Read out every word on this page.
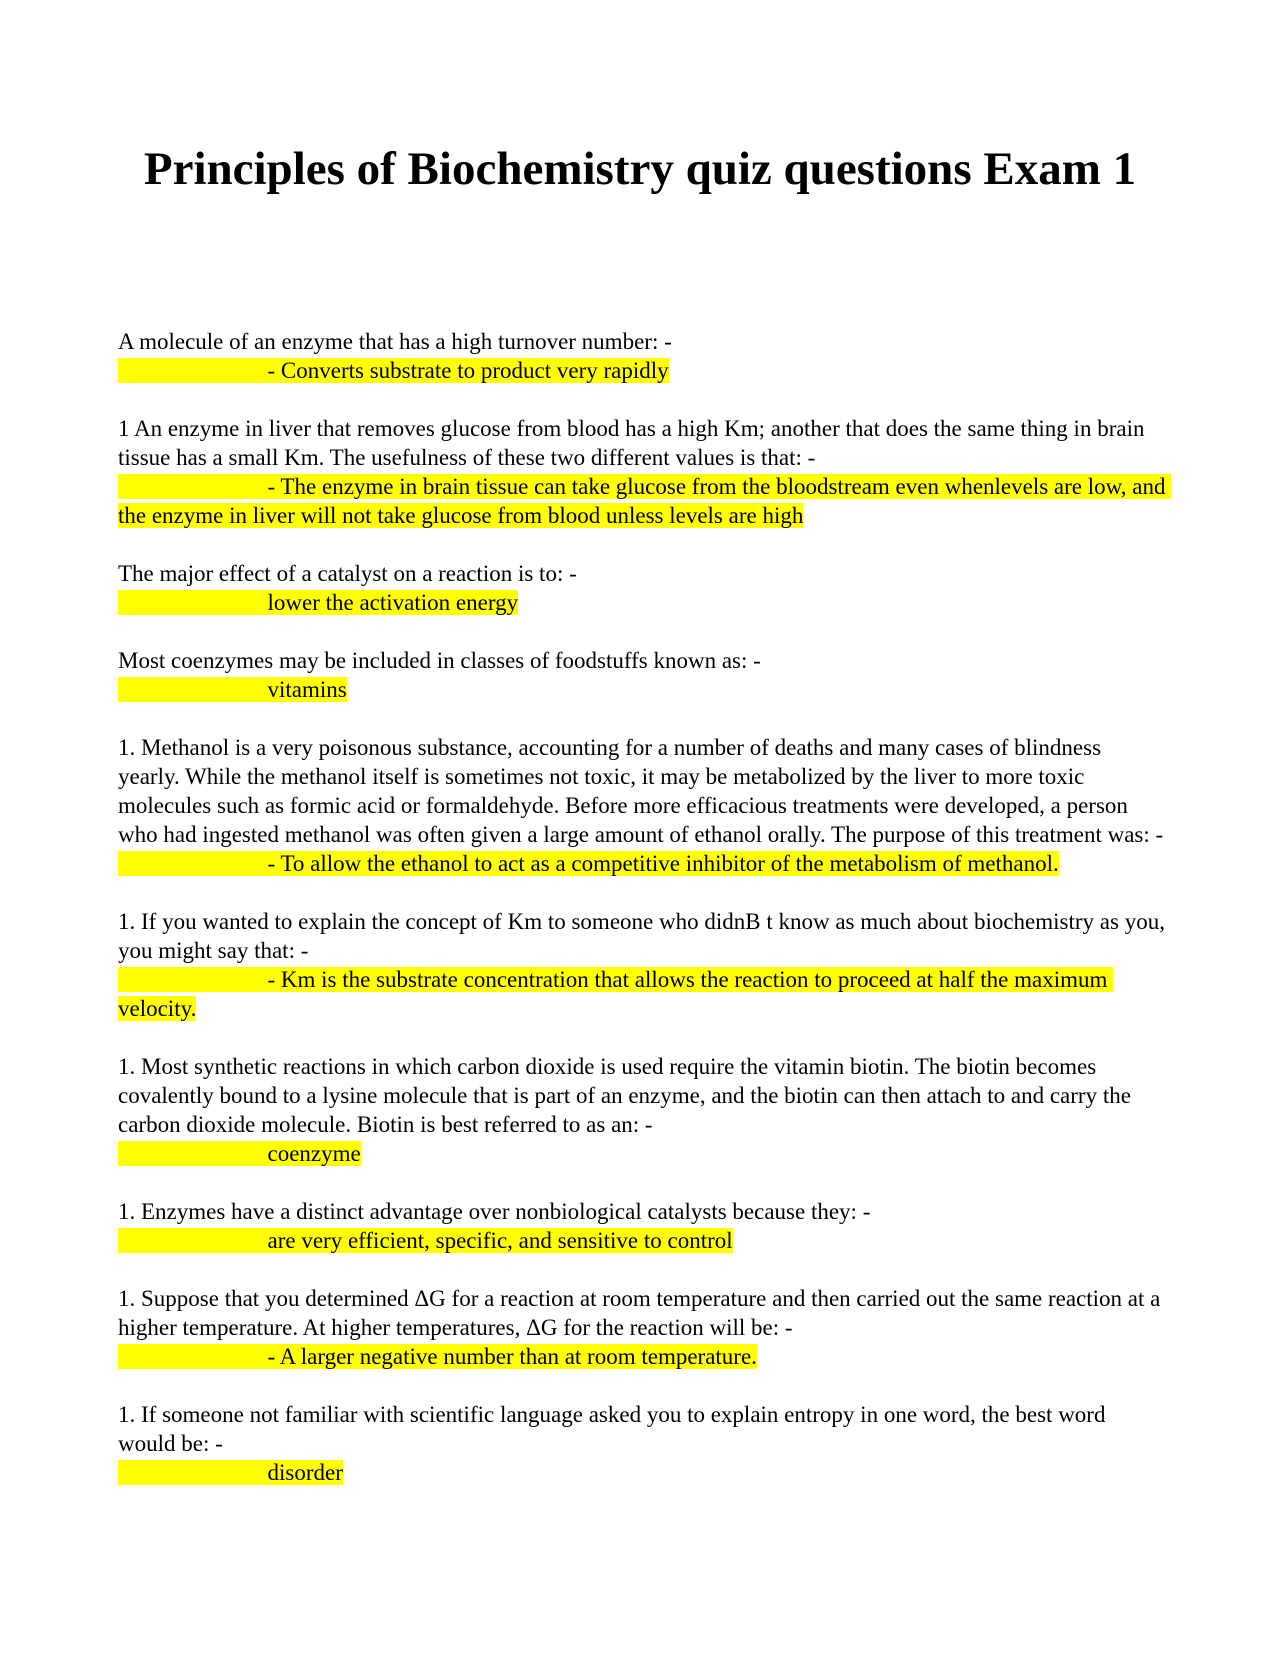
Principles of Biochemistry quiz questions Exam 1

A molecule of an enzyme that has a high turnover number: -

- Converts substrate to product very rapidly

1 An enzyme in liver that removes glucose from blood has a high Km; another that does the same thing in brain tissue has a small Km. The usefulness of these two different values is that: -

- The enzyme in brain tissue can take glucose from the bloodstream even whenlevels are low, and the enzyme in liver will not take glucose from blood unless levels are high

The major effect of a catalyst on a reaction is to: -

lower the activation energy

Most coenzymes may be included in classes of foodstuffs known as: -

vitamins

1. Methanol is a very poisonous substance, accounting for a number of deaths and many cases of blindness yearly. While the methanol itself is sometimes not toxic, it may be metabolized by the liver to more toxic molecules such as formic acid or formaldehyde. Before more efficacious treatments were developed, a person who had ingested methanol was often given a large amount of ethanol orally. The purpose of this treatment was: -

- To allow the ethanol to act as a competitive inhibitor of the metabolism of methanol.

1. If you wanted to explain the concept of Km to someone who didnB t know as much about biochemistry as you, you might say that: -

- Km is the substrate concentration that allows the reaction to proceed at half the maximum velocity.

1. Most synthetic reactions in which carbon dioxide is used require the vitamin biotin. The biotin becomes covalently bound to a lysine molecule that is part of an enzyme, and the biotin can then attach to and carry the carbon dioxide molecule. Biotin is best referred to as an: -

coenzyme

1. Enzymes have a distinct advantage over nonbiological catalysts because they: -

are very efficient, specific, and sensitive to control

1. Suppose that you determined ΔG for a reaction at room temperature and then carried out the same reaction at a higher temperature. At higher temperatures, ΔG for the reaction will be: -

- A larger negative number than at room temperature.

1. If someone not familiar with scientific language asked you to explain entropy in one word, the best word would be: -

disorder
